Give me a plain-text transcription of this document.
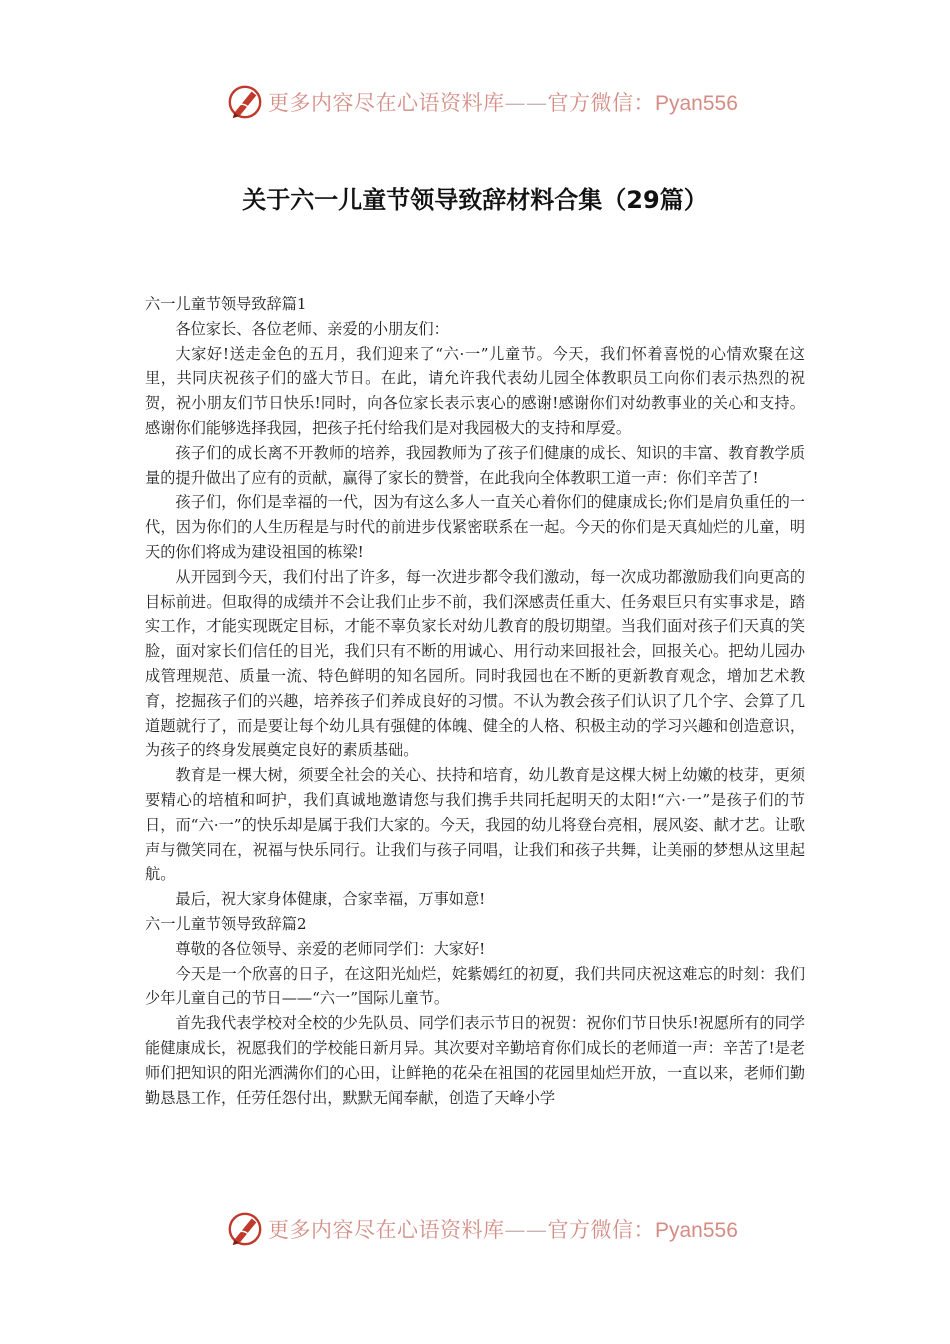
更多内容尽在心语资料库——官方微信：Pyan556
关于六一儿童节领导致辞材料合集（29篇）

六一儿童节领导致辞篇1

各位家长、各位老师、亲爱的小朋友们：

大家好!送走金色的五月，我们迎来了“六·一”儿童节。今天，我们怀着喜悦的心情欢聚在这里，共同庆祝孩子们的盛大节日。在此，请允许我代表幼儿园全体教职员工向你们表示热烈的祝贺，祝小朋友们节日快乐!同时，向各位家长表示衷心的感谢!感谢你们对幼教事业的关心和支持。感谢你们能够选择我园，把孩子托付给我们是对我园极大的支持和厚爱。

孩子们的成长离不开教师的培养，我园教师为了孩子们健康的成长、知识的丰富、教育教学质量的提升做出了应有的贡献，赢得了家长的赞誉，在此我向全体教职工道一声：你们辛苦了!

孩子们，你们是幸福的一代，因为有这么多人一直关心着你们的健康成长;你们是肩负重任的一代，因为你们的人生历程是与时代的前进步伐紧密联系在一起。今天的你们是天真灿烂的儿童，明天的你们将成为建设祖国的栋梁!

从开园到今天，我们付出了许多，每一次进步都令我们激动，每一次成功都激励我们向更高的目标前进。但取得的成绩并不会让我们止步不前，我们深感责任重大、任务艰巨只有实事求是，踏实工作，才能实现既定目标，才能不辜负家长对幼儿教育的殷切期望。当我们面对孩子们天真的笑脸，面对家长们信任的目光，我们只有不断的用诚心、用行动来回报社会，回报关心。把幼儿园办成管理规范、质量一流、特色鲜明的知名园所。同时我园也在不断的更新教育观念，增加艺术教育，挖掘孩子们的兴趣，培养孩子们养成良好的习惯。不认为教会孩子们认识了几个字、会算了几道题就行了，而是要让每个幼儿具有强健的体魄、健全的人格、积极主动的学习兴趣和创造意识，为孩子的终身发展奠定良好的素质基础。

教育是一棵大树，须要全社会的关心、扶持和培育，幼儿教育是这棵大树上幼嫩的枝芽，更须要精心的培植和呵护，我们真诚地邀请您与我们携手共同托起明天的太阳!“六·一”是孩子们的节日，而“六·一”的快乐却是属于我们大家的。今天，我园的幼儿将登台亮相，展风姿、献才艺。让歌声与微笑同在，祝福与快乐同行。让我们与孩子同唱，让我们和孩子共舞，让美丽的梦想从这里起航。

最后，祝大家身体健康，合家幸福，万事如意!

六一儿童节领导致辞篇2

尊敬的各位领导、亲爱的老师同学们：大家好!

今天是一个欣喜的日子，在这阳光灿烂，姹紫嫣红的初夏，我们共同庆祝这难忘的时刻：我们少年儿童自己的节日——“六一”国际儿童节。

首先我代表学校对全校的少先队员、同学们表示节日的祝贺：祝你们节日快乐!祝愿所有的同学能健康成长，祝愿我们的学校能日新月异。其次要对辛勤培育你们成长的老师道一声：辛苦了!是老师们把知识的阳光洒满你们的心田，让鲜艳的花朵在祖国的花园里灿烂开放，一直以来，老师们勤勤恳恳工作，任劳任怨付出，默默无闻奉献，创造了天峰小学

更多内容尽在心语资料库——官方微信：Pyan556
